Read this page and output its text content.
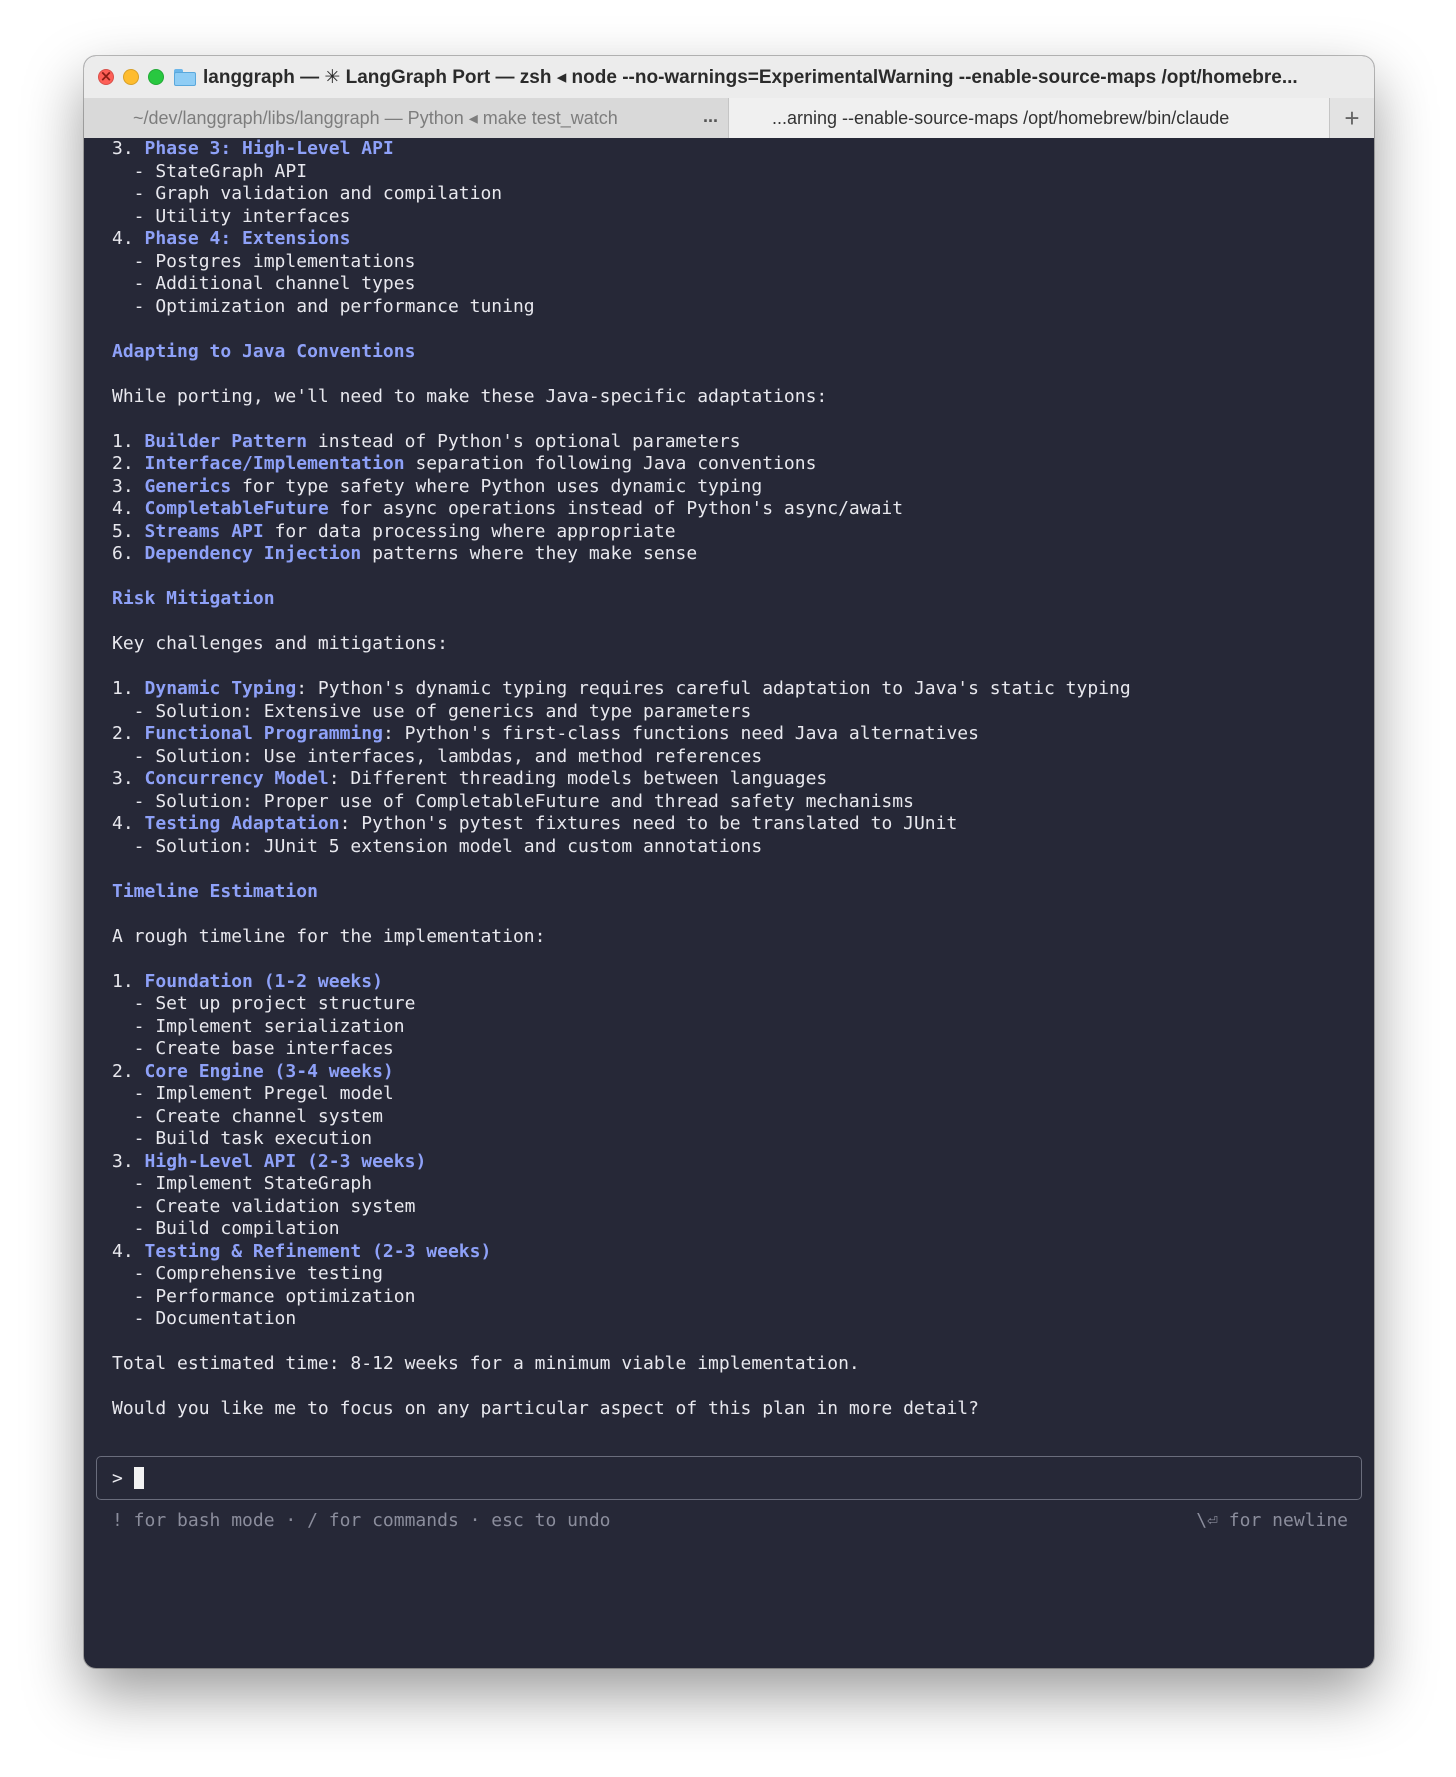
×
langgraph — ✳ LangGraph Port — zsh ◂ node --no-warnings=ExperimentalWarning --enable-source-maps /opt/homebre...
~/dev/langgraph/libs/langgraph — Python ◂ make test_watch	...	...arning --enable-source-maps /opt/homebrew/bin/claude	+
3. Phase 3: High-Level API
- StateGraph API
- Graph validation and compilation
- Utility interfaces
4. Phase 4: Extensions
- Postgres implementations
- Additional channel types
- Optimization and performance tuning
Adapting to Java Conventions
While porting, we'll need to make these Java-specific adaptations:
1. Builder Pattern instead of Python's optional parameters
2. Interface/Implementation separation following Java conventions
3. Generics for type safety where Python uses dynamic typing
4. CompletableFuture for async operations instead of Python's async/await
5. Streams API for data processing where appropriate
6. Dependency Injection patterns where they make sense
Risk Mitigation
Key challenges and mitigations:
1. Dynamic Typing: Python's dynamic typing requires careful adaptation to Java's static typing
- Solution: Extensive use of generics and type parameters
2. Functional Programming: Python's first-class functions need Java alternatives
- Solution: Use interfaces, lambdas, and method references
3. Concurrency Model: Different threading models between languages
- Solution: Proper use of CompletableFuture and thread safety mechanisms
4. Testing Adaptation: Python's pytest fixtures need to be translated to JUnit
- Solution: JUnit 5 extension model and custom annotations
Timeline Estimation
A rough timeline for the implementation:
1. Foundation (1-2 weeks)
- Set up project structure
- Implement serialization
- Create base interfaces
2. Core Engine (3-4 weeks)
- Implement Pregel model
- Create channel system
- Build task execution
3. High-Level API (2-3 weeks)
- Implement StateGraph
- Create validation system
- Build compilation
4. Testing & Refinement (2-3 weeks)
- Comprehensive testing
- Performance optimization
- Documentation
Total estimated time: 8-12 weeks for a minimum viable implementation.
Would you like me to focus on any particular aspect of this plan in more detail?
>
! for bash mode · / for commands · esc to undo	\⏎ for newline
